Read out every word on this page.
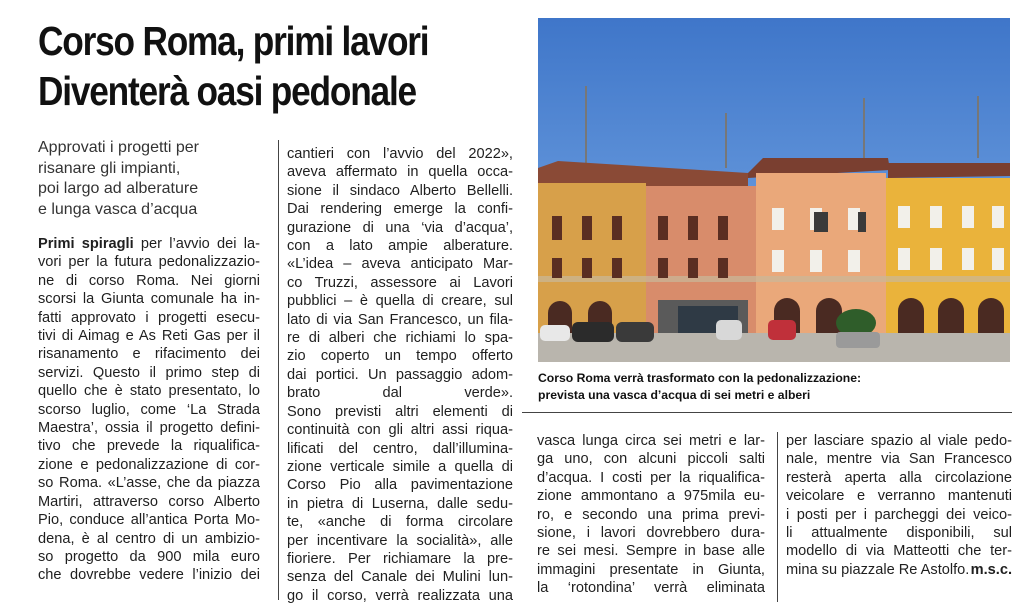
Corso Roma, primi lavori
Diventerà oasi pedonale
Approvati i progetti per
risanare gli impianti,
poi largo ad alberature
e lunga vasca d’acqua
Primi spiragli per l’avvio dei la-
vori per la futura pedonalizzazio-
ne di corso Roma. Nei giorni
scorsi la Giunta comunale ha in-
fatti approvato i progetti esecu-
tivi di Aimag e As Reti Gas per il
risanamento e rifacimento dei
servizi. Questo il primo step di
quello che è stato presentato, lo
scorso luglio, come ‘La Strada
Maestra’, ossia il progetto defini-
tivo che prevede la riqualifica-
zione e pedonalizzazione di cor-
so Roma. «L’asse, che da piazza
Martiri, attraverso corso Alberto
Pio, conduce all’antica Porta Mo-
dena, è al centro di un ambizio-
so progetto da 900 mila euro
che dovrebbe vedere l’inizio dei
cantieri con l’avvio del 2022»,
aveva affermato in quella occa-
sione il sindaco Alberto Bellelli.
Dai rendering emerge la confi-
gurazione di una ‘via d’acqua’,
con a lato ampie alberature.
«L’idea – aveva anticipato Mar-
co Truzzi, assessore ai Lavori
pubblici – è quella di creare, sul
lato di via San Francesco, un fila-
re di alberi che richiami lo spa-
zio coperto un tempo offerto
dai portici. Un passaggio adom-
brato dal verde».
Sono previsti altri elementi di
continuità con gli altri assi riqua-
lificati del centro, dall’illumina-
zione verticale simile a quella di
Corso Pio alla pavimentazione
in pietra di Luserna, dalle sedu-
te, «anche di forma circolare
per incentivare la socialità», alle
fioriere. Per richiamare la pre-
senza del Canale dei Mulini lun-
go il corso, verrà realizzata una
vasca lunga circa sei metri e lar-
ga uno, con alcuni piccoli salti
d’acqua. I costi per la riqualifica-
zione ammontano a 975mila eu-
ro, e secondo una prima previ-
sione, i lavori dovrebbero dura-
re sei mesi. Sempre in base alle
immagini presentate in Giunta,
la ‘rotondina’ verrà eliminata
per lasciare spazio al viale pedo-
nale, mentre via San Francesco
resterà aperta alla circolazione
veicolare e verranno mantenuti
i posti per i parcheggi dei veico-
li attualmente disponibili, sul
modello di via Matteotti che ter-
mina su piazzale Re Astolfo. m.s.c.
Corso Roma verrà trasformato con la pedonalizzazione:
prevista una vasca d’acqua di sei metri e alberi
